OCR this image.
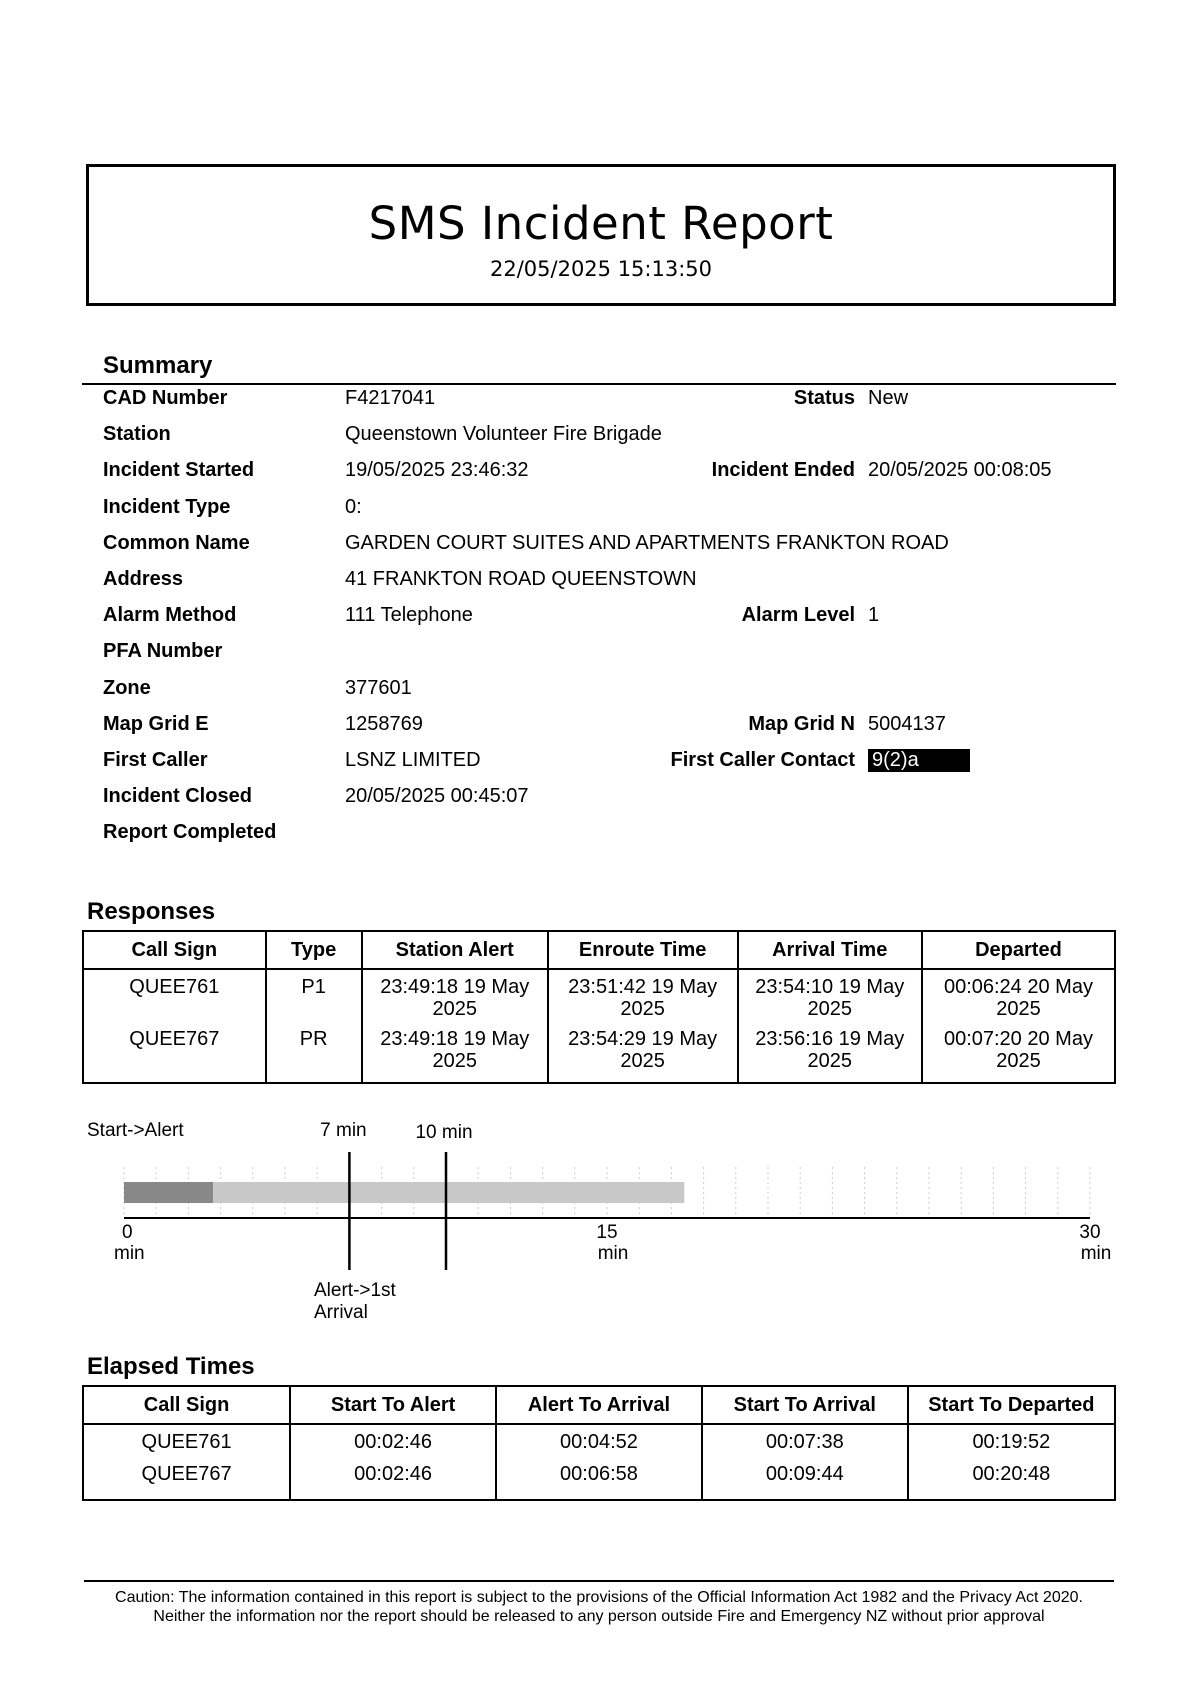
SMS Incident Report
22/05/2025 15:13:50
Summary
CAD Number	F4217041	Status New
Station	Queenstown Volunteer Fire Brigade
Incident Started	19/05/2025 23:46:32	Incident Ended 20/05/2025 00:08:05
Incident Type	0:
Common Name	GARDEN COURT SUITES AND APARTMENTS FRANKTON ROAD
Address	41 FRANKTON ROAD QUEENSTOWN
Alarm Method	111 Telephone	Alarm Level 1
PFA Number
Zone	377601
Map Grid E	1258769	Map Grid N 5004137
First Caller	LSNZ LIMITED	First Caller Contact 9(2)a
Incident Closed	20/05/2025 00:45:07
Report Completed
Responses
Call Sign	Type	Station Alert	Enroute Time	Arrival Time	Departed
QUEE761	P1	23:49:18 19 May 2025	23:51:42 19 May 2025	23:54:10 19 May 2025	00:06:24 20 May 2025
QUEE767	PR	23:49:18 19 May 2025	23:54:29 19 May 2025	23:56:16 19 May 2025	00:07:20 20 May 2025
0 min
15 min
30 min
7 min	10 min
Start->Alert
Alert->1st Arrival
Elapsed Times
Call Sign	Start To Alert	Alert To Arrival	Start To Arrival	Start To Departed
QUEE761	00:02:46	00:04:52	00:07:38	00:19:52
QUEE767	00:02:46	00:06:58	00:09:44	00:20:48
Caution: The information contained in this report is subject to the provisions of the Official Information Act 1982 and the Privacy Act 2020.
Neither the information nor the report should be released to any person outside Fire and Emergency NZ without prior approval
